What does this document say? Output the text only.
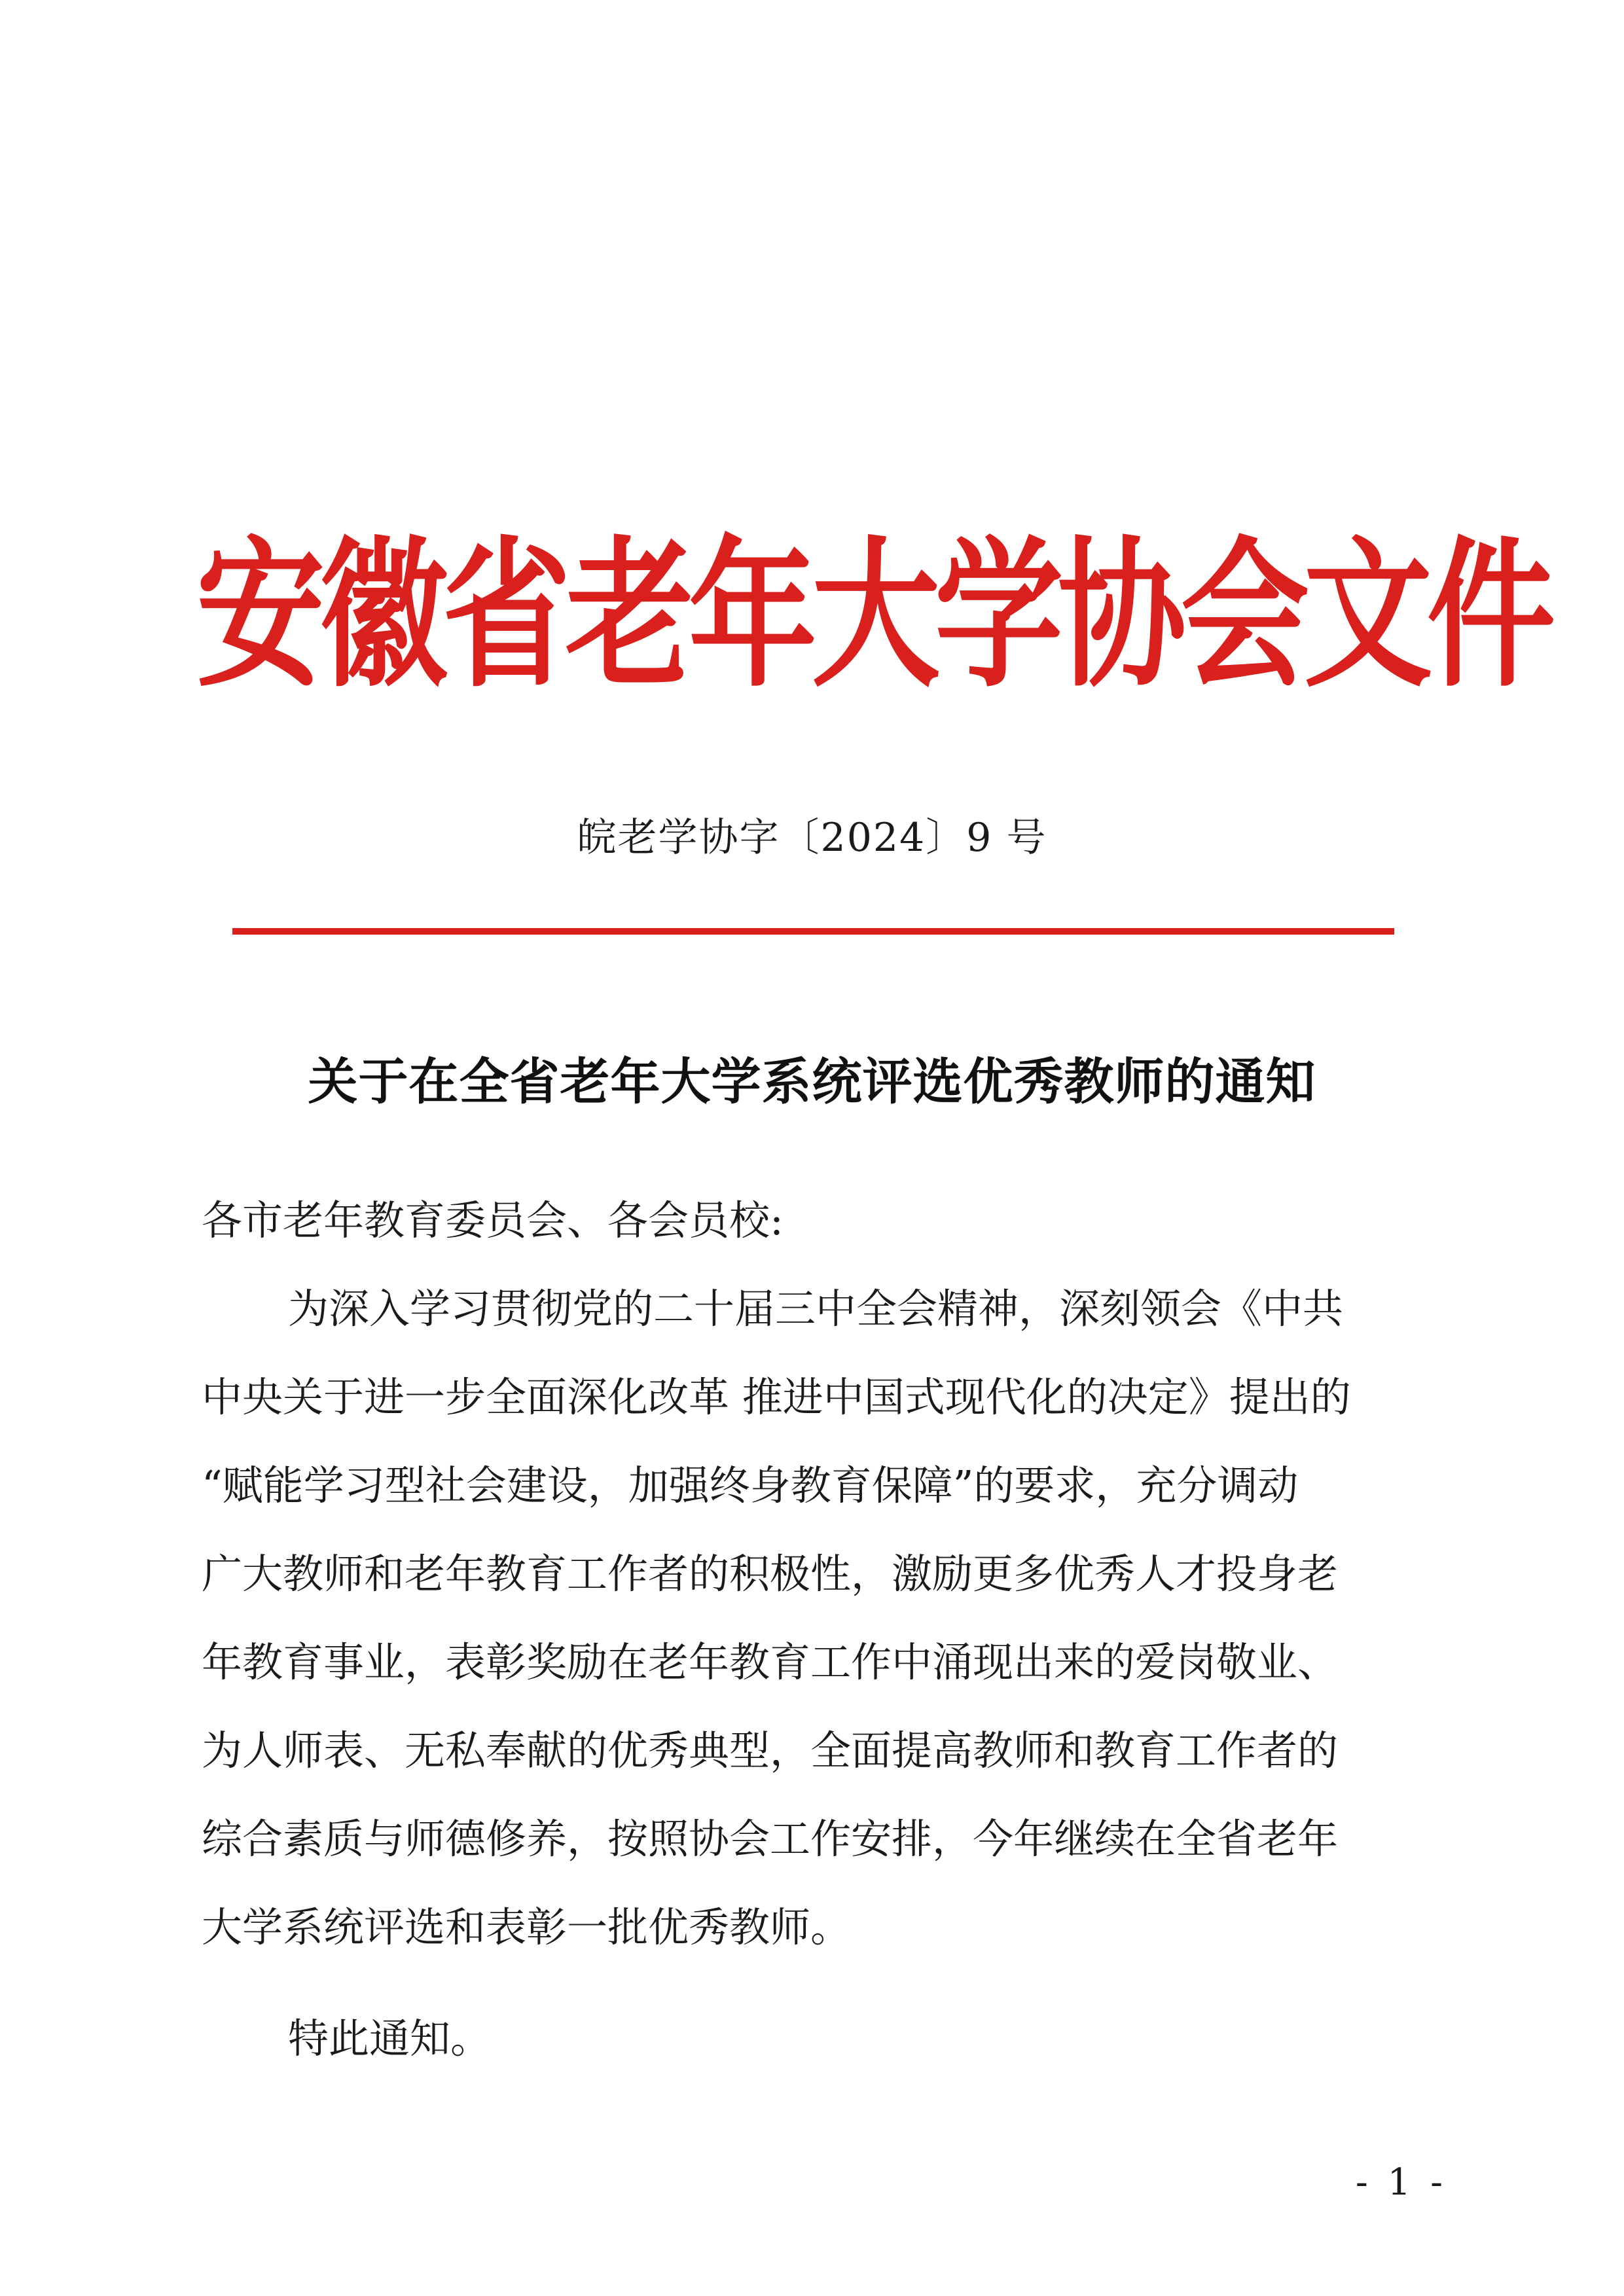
安徽省老年大学协会文件
皖老学协字〔2024〕9 号
关于在全省老年大学系统评选优秀教师的通知
各市老年教育委员会、各会员校:
为深入学习贯彻党的二十届三中全会精神，深刻领会《中共
中央关于进一步全面深化改革 推进中国式现代化的决定》提出的
“赋能学习型社会建设，加强终身教育保障”的要求，充分调动
广大教师和老年教育工作者的积极性，激励更多优秀人才投身老
年教育事业，表彰奖励在老年教育工作中涌现出来的爱岗敬业、
为人师表、无私奉献的优秀典型，全面提高教师和教育工作者的
综合素质与师德修养，按照协会工作安排，今年继续在全省老年
大学系统评选和表彰一批优秀教师。
特此通知。
- 1 -
